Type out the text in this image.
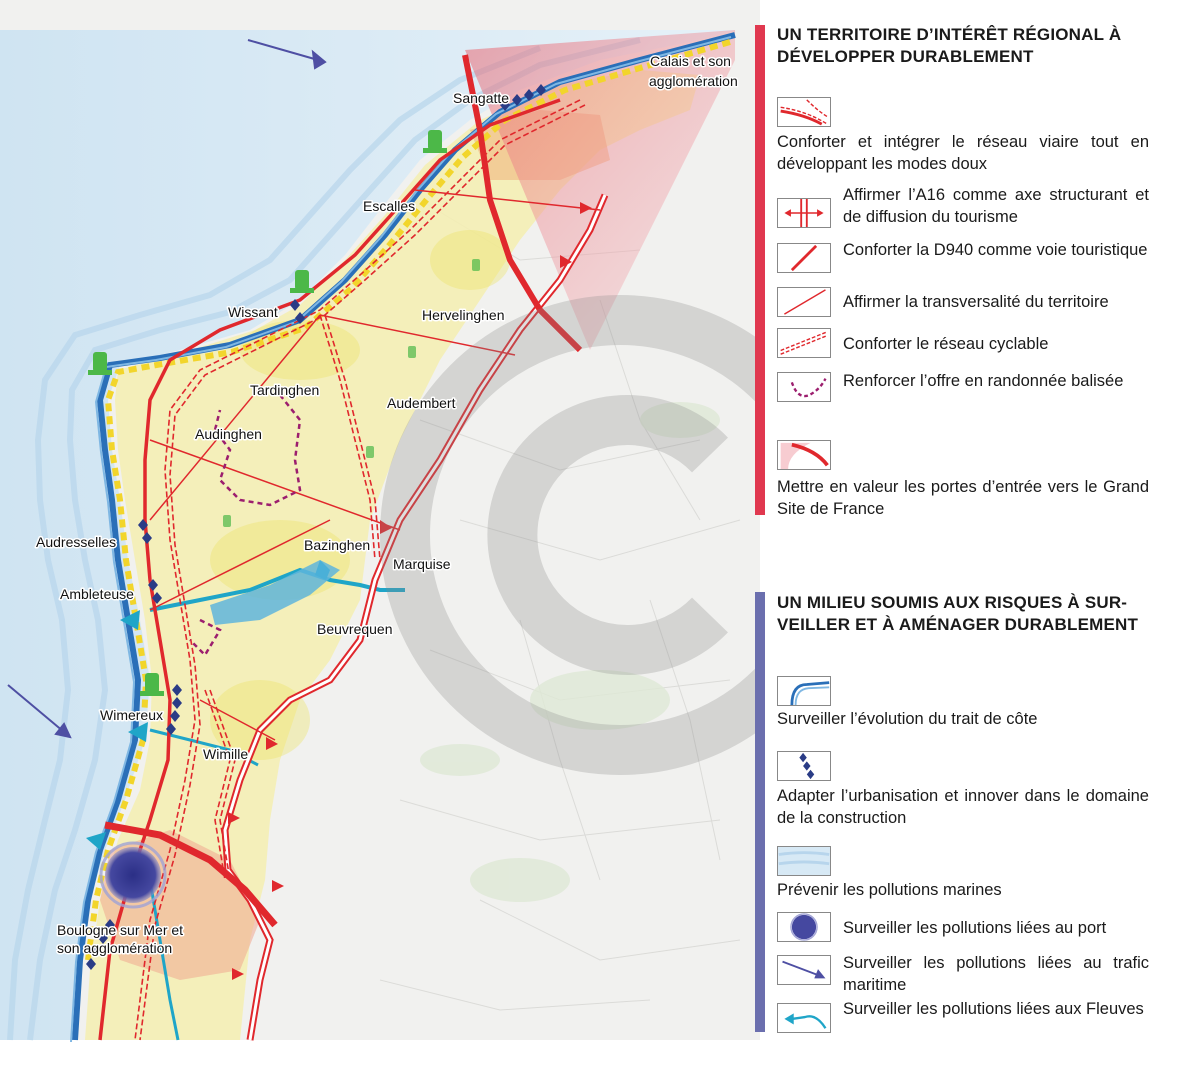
Calais et son
agglomération
Sangatte
Escalles
Hervelinghen
Wissant
Tardinghen
Audembert
Audinghen
Audresselles	Bazinghen
Marquise
Ambleteuse
Beuvrequen
Wimereux
Wimille
Boulogne sur Mer et
son agglomération
UN TERRITOIRE D’INTÉRÊT RÉGIONAL À
DÉVELOPPER DURABLEMENT
Conforter et intégrer le réseau viaire tout en développant les modes doux
Affirmer l’A16 comme axe structurant et de diffusion du tourisme
Conforter la D940 comme voie touristique
Affirmer la transversalité du territoire
Conforter le réseau cyclable
Renforcer l’offre en randonnée balisée
Mettre en valeur les portes d’entrée vers le Grand Site de France
UN MILIEU SOUMIS AUX RISQUES À SUR-
VEILLER ET À AMÉNAGER DURABLEMENT
Surveiller l’évolution du trait de côte
Adapter l’urbanisation et innover dans le domaine de la construction
Prévenir les pollutions marines
Surveiller les pollutions liées au port
Surveiller les pollutions liées au trafic maritime
Surveiller les pollutions liées aux Fleuves
